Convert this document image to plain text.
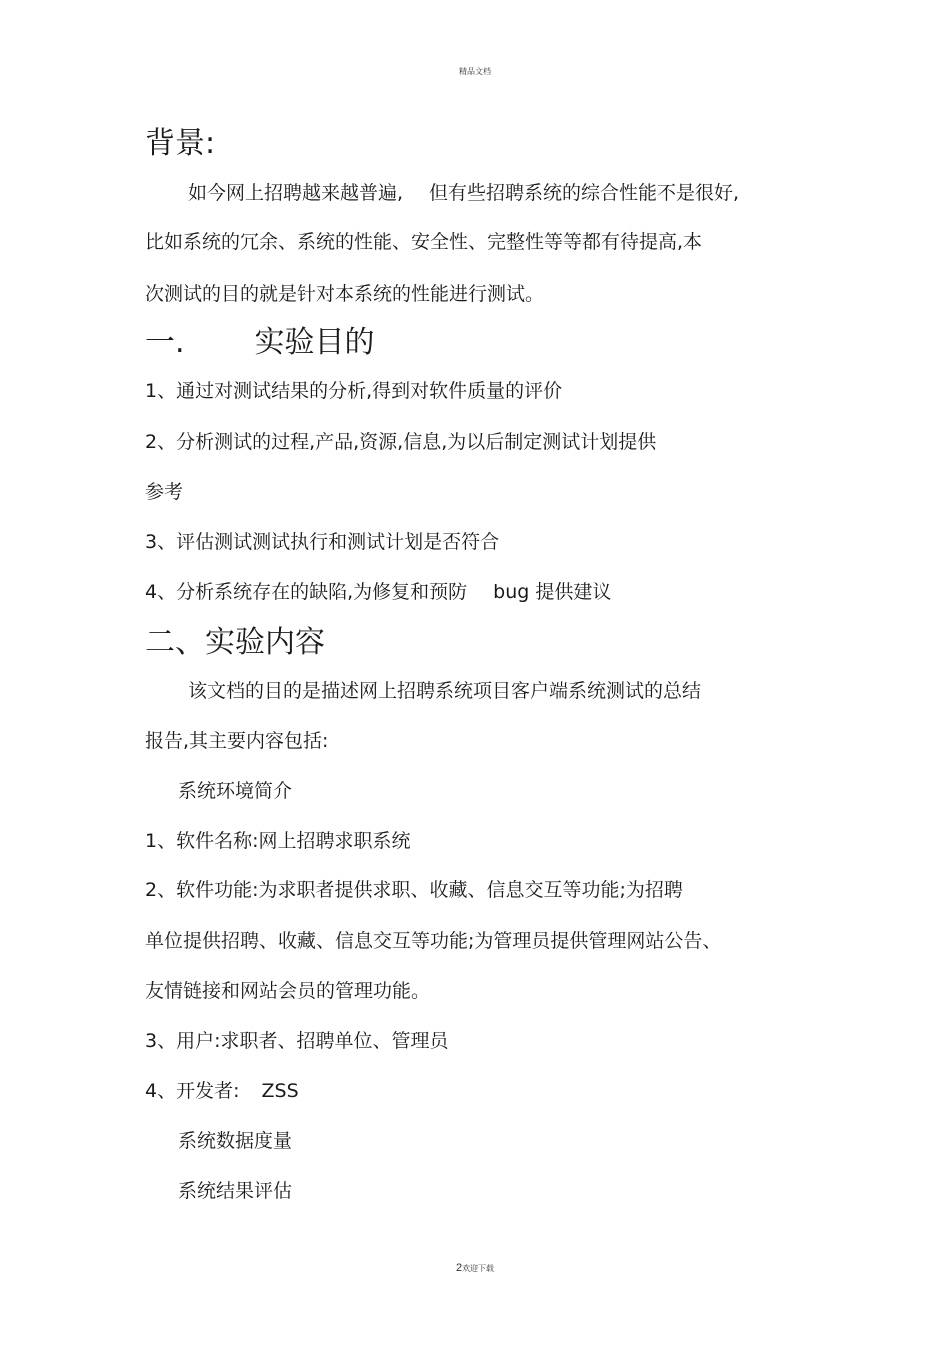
精品文档
背景:
如今网上招聘越来越普遍, 但有些招聘系统的综合性能不是很好,
比如系统的冗余、系统的性能、安全性、完整性等等都有待提高,本
次测试的目的就是针对本系统的性能进行测试。
一. 实验目的
1、通过对测试结果的分析,得到对软件质量的评价
2、分析测试的过程,产品,资源,信息,为以后制定测试计划提供
参考
3、评估测试测试执行和测试计划是否符合
4、分析系统存在的缺陷,为修复和预防 bug 提供建议
二、实验内容
该文档的目的是描述网上招聘系统项目客户端系统测试的总结
报告,其主要内容包括:
系统环境简介
1、软件名称:网上招聘求职系统
2、软件功能:为求职者提供求职、收藏、信息交互等功能;为招聘
单位提供招聘、收藏、信息交互等功能;为管理员提供管理网站公告、
友情链接和网站会员的管理功能。
3、用户:求职者、招聘单位、管理员
4、开发者: ZSS
系统数据度量
系统结果评估
2欢迎下载
